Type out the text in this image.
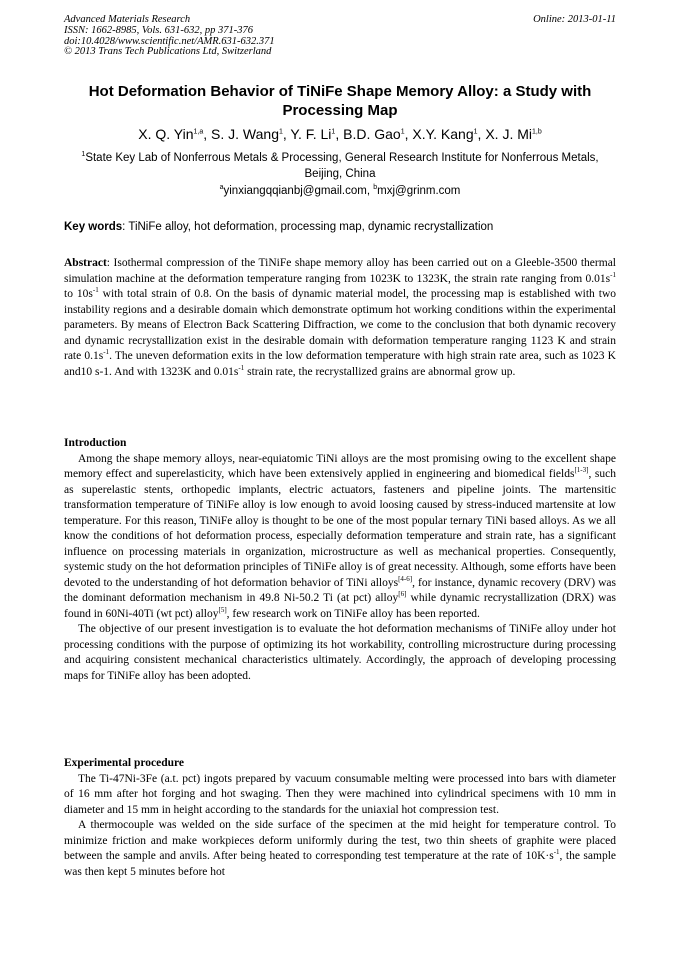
Advanced Materials Research
ISSN: 1662-8985, Vols. 631-632, pp 371-376
doi:10.4028/www.scientific.net/AMR.631-632.371
© 2013 Trans Tech Publications Ltd, Switzerland
Online: 2013-01-11
Hot Deformation Behavior of TiNiFe Shape Memory Alloy: a Study with Processing Map
X. Q. Yin$^{1,a}$, S. J. Wang$^1$, Y. F. Li$^1$, B.D. Gao$^1$, X.Y. Kang$^1$, X. J. Mi$^{1,b}$
$^1$State Key Lab of Nonferrous Metals & Processing, General Research Institute for Nonferrous Metals, Beijing, China
$^a$yinxiangqqianbj@gmail.com, $^b$mxj@grinm.com
Key words: TiNiFe alloy, hot deformation, processing map, dynamic recrystallization
Abstract: Isothermal compression of the TiNiFe shape memory alloy has been carried out on a Gleeble-3500 thermal simulation machine at the deformation temperature ranging from 1023K to 1323K, the strain rate ranging from $0.01s^{-1}$ to $10s^{-1}$ with total strain of 0.8. On the basis of dynamic material model, the processing map is established with two instability regions and a desirable domain which demonstrate optimum hot working conditions within the experimental parameters. By means of Electron Back Scattering Diffraction, we come to the conclusion that both dynamic recovery and dynamic recrystallization exist in the desirable domain with deformation temperature ranging 1123 K and strain rate $0.1s^{-1}$. The uneven deformation exits in the low deformation temperature with high strain rate area, such as 1023 K and10 s-1. And with 1323K and $0.01s^{-1}$ strain rate, the recrystallized grains are abnormal grow up.
Introduction

Among the shape memory alloys, near-equiatomic TiNi alloys are the most promising owing to the excellent shape memory effect and superelasticity, which have been extensively applied in engineering and biomedical fields[1-3], such as superelastic stents, orthopedic implants, electric actuators, fasteners and pipeline joints. The martensitic transformation temperature of TiNiFe alloy is low enough to avoid loosing caused by stress-induced martensite at low temperature. For this reason, TiNiFe alloy is thought to be one of the most popular ternary TiNi based alloys. As we all know the conditions of hot deformation process, especially deformation temperature and strain rate, has a significant influence on processing materials in organization, microstructure as well as mechanical properties. Consequently, systemic study on the hot deformation principles of TiNiFe alloy is of great necessity. Although, some efforts have been devoted to the understanding of hot deformation behavior of TiNi alloys[4-6], for instance, dynamic recovery (DRV) was the dominant deformation mechanism in 49.8 Ni-50.2 Ti (at pct) alloy[6] while dynamic recrystallization (DRX) was found in 60Ni-40Ti (wt pct) alloy[5], few research work on TiNiFe alloy has been reported.

The objective of our present investigation is to evaluate the hot deformation mechanisms of TiNiFe alloy under hot processing conditions with the purpose of optimizing its hot workability, controlling microstructure during processing and acquiring consistent mechanical characteristics ultimately. Accordingly, the approach of developing processing maps for TiNiFe alloy has been adopted.

Experimental procedure

The Ti-47Ni-3Fe (a.t. pct) ingots prepared by vacuum consumable melting were processed into bars with diameter of 16 mm after hot forging and hot swaging. Then they were machined into cylindrical specimens with 10 mm in diameter and 15 mm in height according to the standards for the uniaxial hot compression test.

A thermocouple was welded on the side surface of the specimen at the mid height for temperature control. To minimize friction and make workpieces deform uniformly during the test, two thin sheets of graphite were placed between the sample and anvils. After being heated to corresponding test temperature at the rate of $10K\cdot s^{-1}$, the sample was then kept 5 minutes before hot
